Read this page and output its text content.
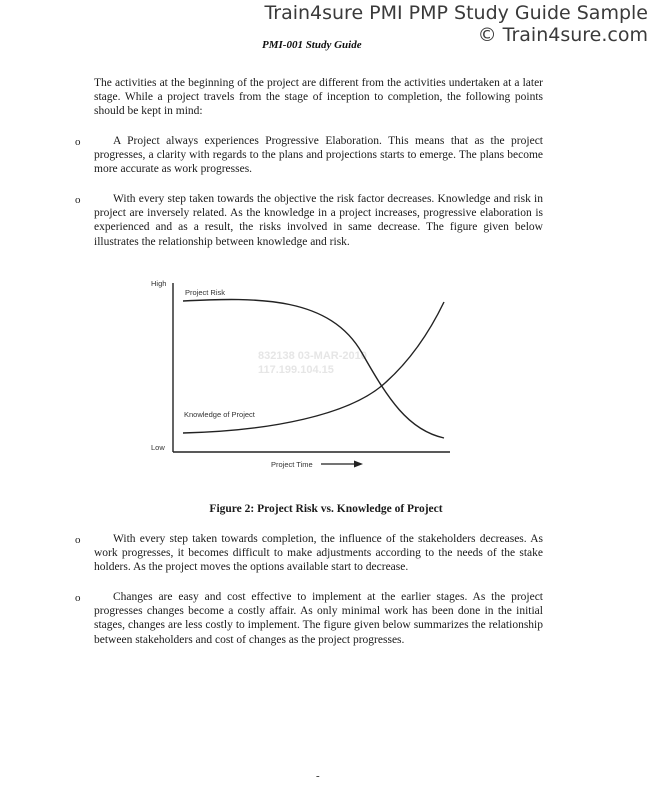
Train4sure PMI PMP Study Guide Sample
© Train4sure.com
PMI-001 Study Guide
The activities at the beginning of the project are different from the activities undertaken at a later stage. While a project travels from the stage of inception to completion, the following points should be kept in mind:
o	A Project always experiences Progressive Elaboration. This means that as the project progresses, a clarity with regards to the plans and projections starts to emerge. The plans become more accurate as work progresses.
o	With every step taken towards the objective the risk factor decreases. Knowledge and risk in project are inversely related. As the knowledge in a project increases, progressive elaboration is experienced and as a result, the risks involved in same decrease. The figure given below illustrates the relationship between knowledge and risk.
832138 03-MAR-2010
117.199.104.15
High
Low
Project Risk
Knowledge of Project
Project Time
Figure 2: Project Risk vs. Knowledge of Project
o	With every step taken towards completion, the influence of the stakeholders decreases. As work progresses, it becomes difficult to make adjustments according to the needs of the stake holders. As the project moves the options available start to decrease.
o	Changes are easy and cost effective to implement at the earlier stages. As the project progresses changes become a costly affair. As only minimal work has been done in the initial stages, changes are less costly to implement. The figure given below summarizes the relationship between stakeholders and cost of changes as the project progresses.
-
